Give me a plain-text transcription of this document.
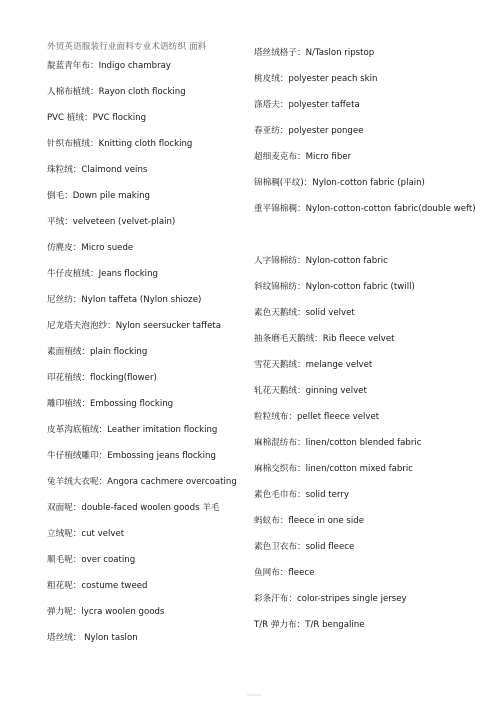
外贸英语服装行业面料专业术语纺织 面料
靛蓝青年布：Indigo chambray
人棉布植绒：Rayon cloth flocking
PVC 植绒：PVC flocking
针织布植绒：Knitting cloth flocking
珠粒绒：Claimond veins
倒毛：Down pile making
平绒：velveteen (velvet-plain)
仿麂皮：Micro suede
牛仔皮植绒：Jeans flocking
尼丝纺：Nylon taffeta (Nylon shioze)
尼龙塔夫泡泡纱：Nylon seersucker taffeta
素面植绒：plain flocking
印花植绒：flocking(flower)
雕印植绒：Embossing flocking
皮革沟底植绒：Leather imitation flocking
牛仔植绒雕印：Embossing jeans flocking
兔羊绒大衣呢：Angora cachmere overcoating
双面呢：double-faced woolen goods 羊毛
立绒呢：cut velvet
顺毛呢：over coating
粗花呢：costume tweed
弹力呢：lycra woolen goods
塔丝绒： Nylon taslon
塔丝绒格子：N/Taslon ripstop
桃皮绒：polyester peach skin
涤塔夫：polyester taffeta
春亚纺：polyester pongee
超细麦克布：Micro fiber
锦棉稠(平纹)：Nylon-cotton fabric (plain)
重平锦棉稠：Nylon-cotton-cotton fabric(double weft)
人字锦棉纺：Nylon-cotton fabric
斜纹锦棉纺：Nylon-cotton fabric (twill)
素色天鹅绒：solid velvet
抽条磨毛天鹅绒：Rib fleece velvet
雪花天鹅绒：melange velvet
轧花天鹅绒：ginning velvet
粒粒绒布：pellet fleece velvet
麻棉混纺布：linen/cotton blended fabric
麻棉交织布：linen/cotton mixed fabric
素色毛巾布：solid terry
蚂蚁布：fleece in one side
素色卫衣布：solid fleece
鱼网布：fleece
彩条汗布：color-stripes single jersey
T/R 弹力布：T/R bengaline
